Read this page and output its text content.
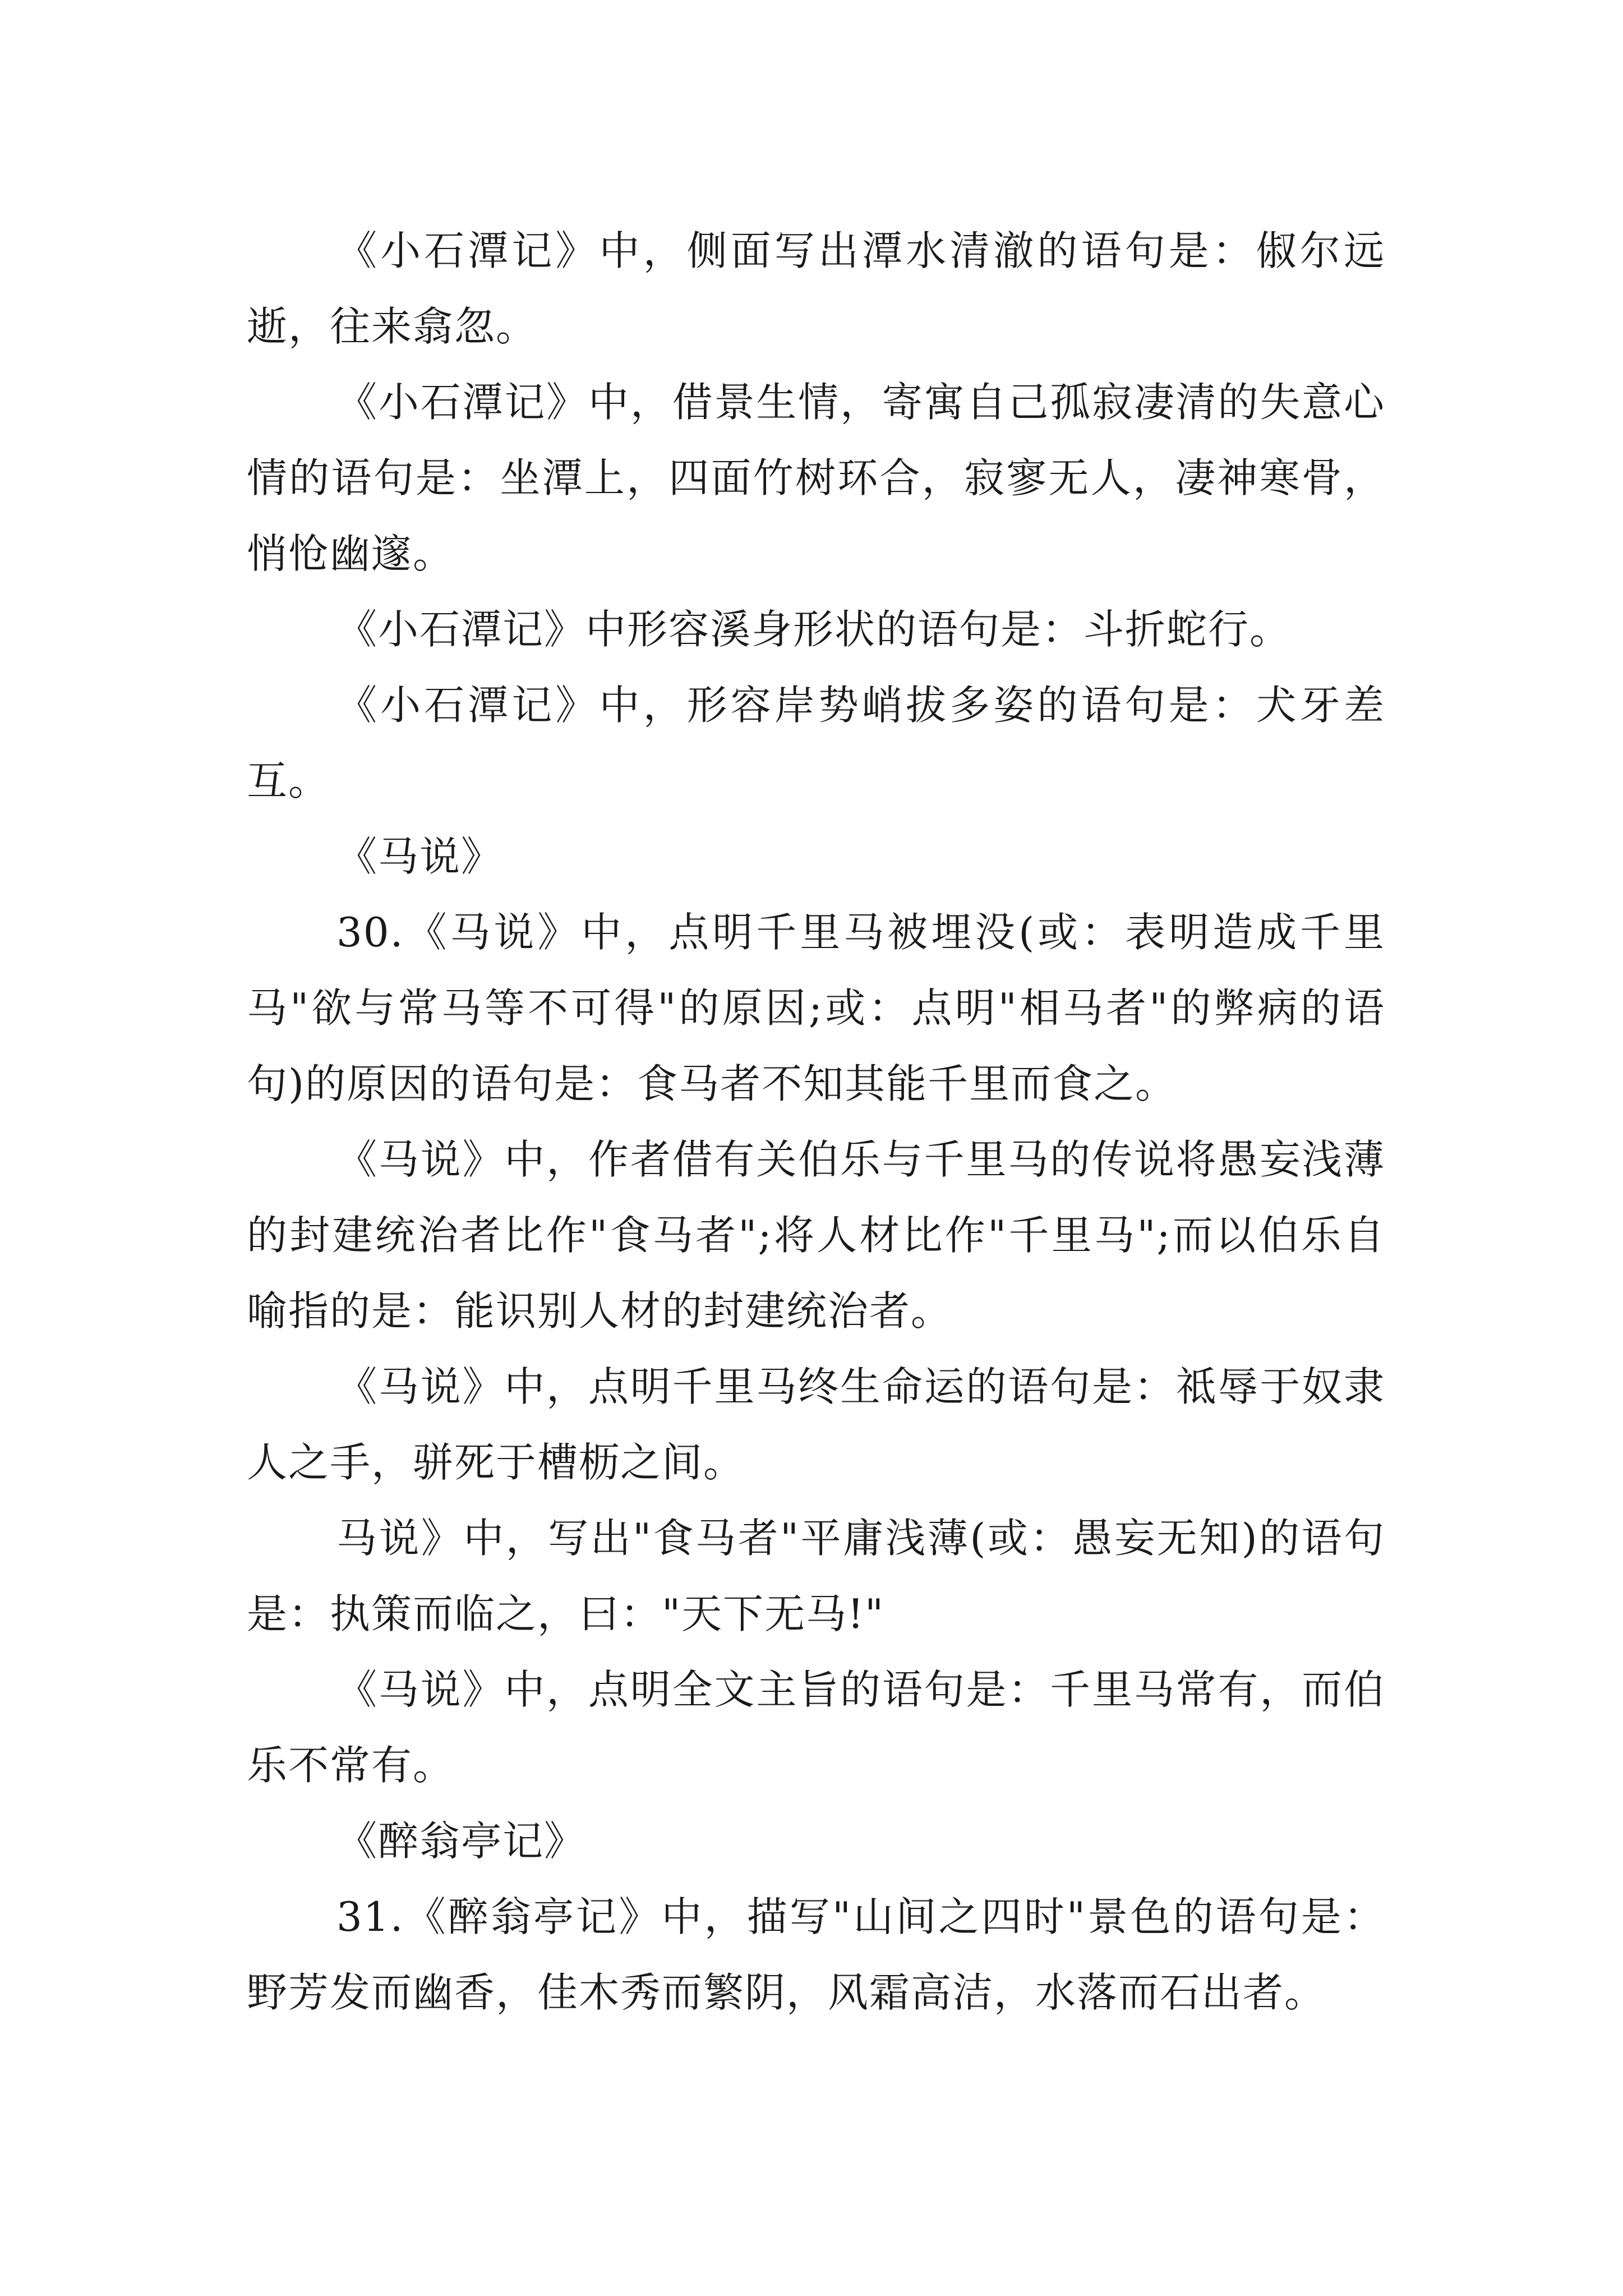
《小石潭记》中，侧面写出潭水清澈的语句是：俶尔远逝，往来翕忽。

《小石潭记》中，借景生情，寄寓自己孤寂凄清的失意心情的语句是：坐潭上，四面竹树环合，寂寥无人，凄神寒骨，悄怆幽邃。

《小石潭记》中形容溪身形状的语句是：斗折蛇行。

《小石潭记》中，形容岸势峭拔多姿的语句是：犬牙差互。

《马说》

30.《马说》中，点明千里马被埋没(或：表明造成千里马"欲与常马等不可得"的原因;或：点明"相马者"的弊病的语句)的原因的语句是：食马者不知其能千里而食之。

《马说》中，作者借有关伯乐与千里马的传说将愚妄浅薄的封建统治者比作"食马者";将人材比作"千里马";而以伯乐自喻指的是：能识别人材的封建统治者。

《马说》中，点明千里马终生命运的语句是：祗辱于奴隶人之手，骈死于槽枥之间。

马说》中，写出"食马者"平庸浅薄(或：愚妄无知)的语句是：执策而临之，曰："天下无马!"

《马说》中，点明全文主旨的语句是：千里马常有，而伯乐不常有。

《醉翁亭记》

31.《醉翁亭记》中，描写"山间之四时"景色的语句是：野芳发而幽香，佳木秀而繁阴，风霜高洁，水落而石出者。
